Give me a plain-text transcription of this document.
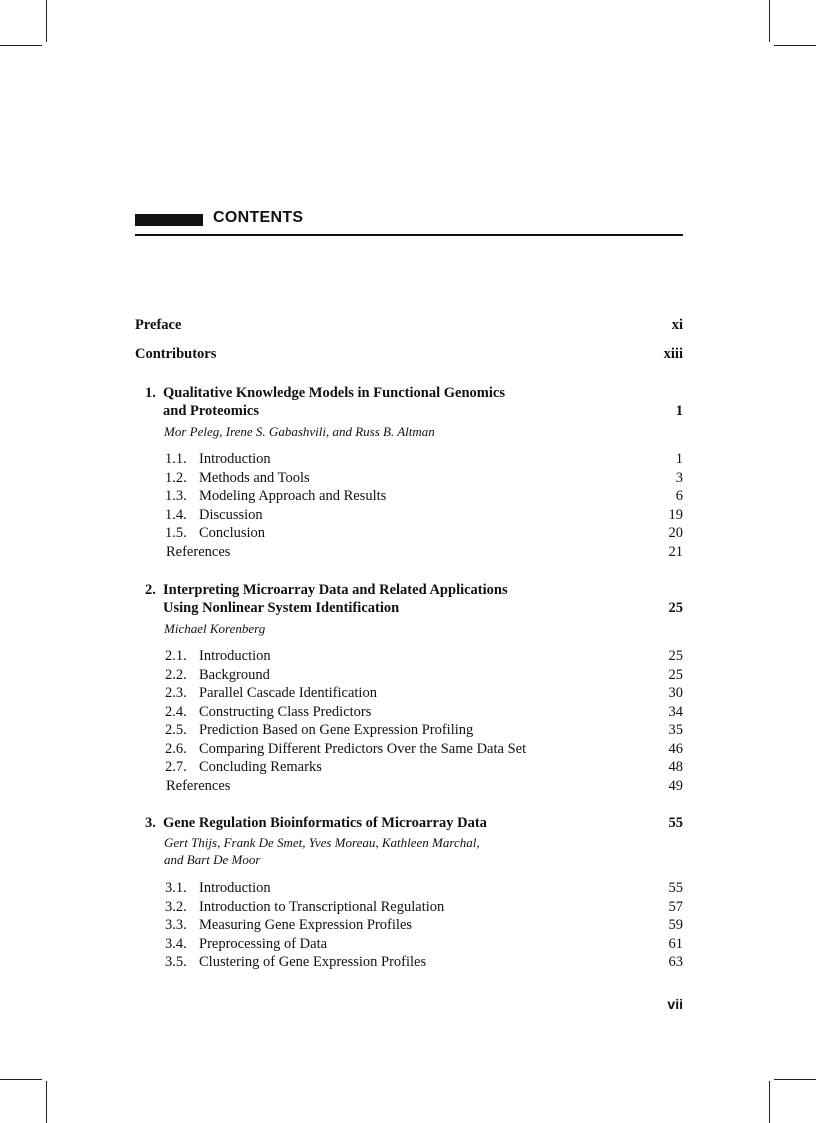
CONTENTS
Preface	xi
Contributors	xiii
1. Qualitative Knowledge Models in Functional Genomics
and Proteomics	1
Mor Peleg, Irene S. Gabashvili, and Russ B. Altman
1.1. Introduction	1
1.2. Methods and Tools	3
1.3. Modeling Approach and Results	6
1.4. Discussion	19
1.5. Conclusion	20
References	21
2. Interpreting Microarray Data and Related Applications
Using Nonlinear System Identification	25
Michael Korenberg
2.1. Introduction	25
2.2. Background	25
2.3. Parallel Cascade Identification	30
2.4. Constructing Class Predictors	34
2.5. Prediction Based on Gene Expression Profiling	35
2.6. Comparing Different Predictors Over the Same Data Set	46
2.7. Concluding Remarks	48
References	49
3. Gene Regulation Bioinformatics of Microarray Data	55
Gert Thijs, Frank De Smet, Yves Moreau, Kathleen Marchal,
and Bart De Moor
3.1. Introduction	55
3.2. Introduction to Transcriptional Regulation	57
3.3. Measuring Gene Expression Profiles	59
3.4. Preprocessing of Data	61
3.5. Clustering of Gene Expression Profiles	63
vii
